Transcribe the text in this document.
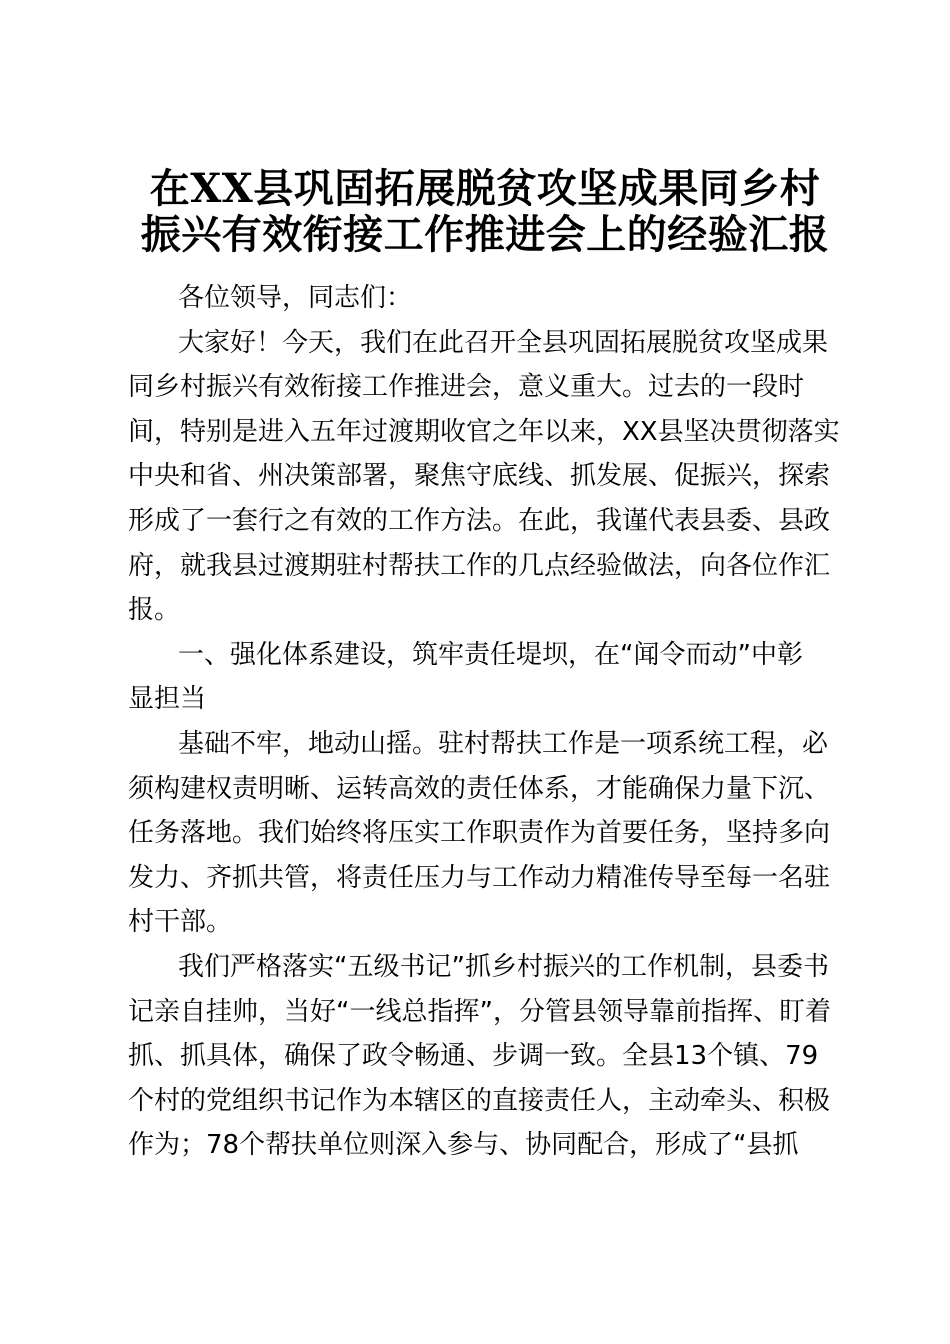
在XX县巩固拓展脱贫攻坚成果同乡村
振兴有效衔接工作推进会上的经验汇报
各位领导，同志们：
大家好！今天，我们在此召开全县巩固拓展脱贫攻坚成果
同乡村振兴有效衔接工作推进会，意义重大。过去的一段时
间，特别是进入五年过渡期收官之年以来，XX县坚决贯彻落实
中央和省、州决策部署，聚焦守底线、抓发展、促振兴，探索
形成了一套行之有效的工作方法。在此，我谨代表县委、县政
府，就我县过渡期驻村帮扶工作的几点经验做法，向各位作汇
报。
一、强化体系建设，筑牢责任堤坝，在“闻令而动”中彰
显担当
基础不牢，地动山摇。驻村帮扶工作是一项系统工程，必
须构建权责明晰、运转高效的责任体系，才能确保力量下沉、
任务落地。我们始终将压实工作职责作为首要任务，坚持多向
发力、齐抓共管，将责任压力与工作动力精准传导至每一名驻
村干部。
我们严格落实“五级书记”抓乡村振兴的工作机制，县委书
记亲自挂帅，当好“一线总指挥”，分管县领导靠前指挥、盯着
抓、抓具体，确保了政令畅通、步调一致。全县13个镇、79
个村的党组织书记作为本辖区的直接责任人，主动牵头、积极
作为；78个帮扶单位则深入参与、协同配合，形成了“县抓
